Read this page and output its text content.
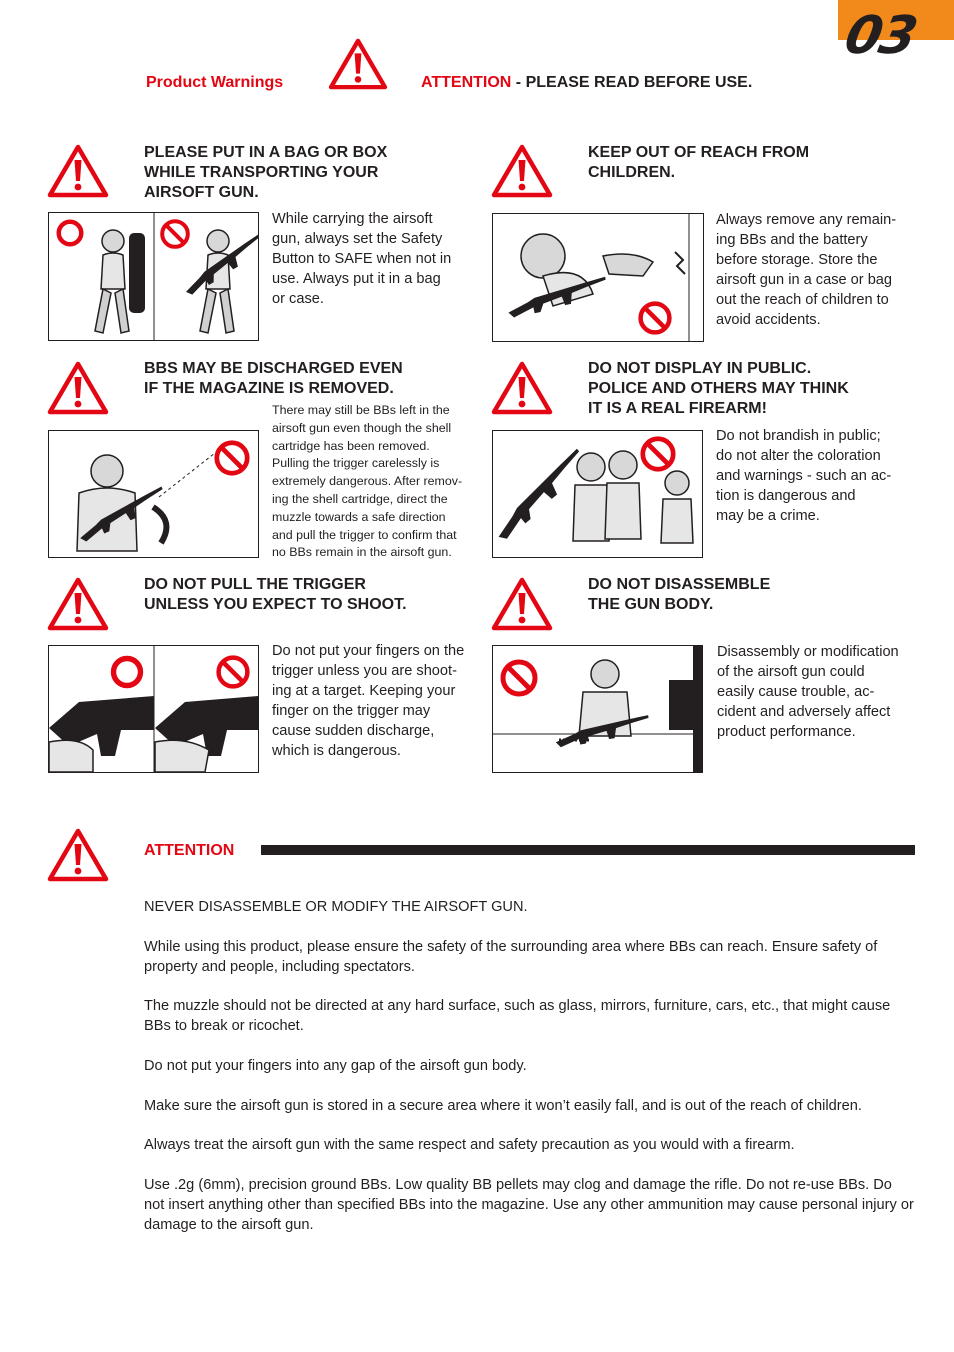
03
Product Warnings	ATTENTION - PLEASE READ BEFORE USE.
PLEASE PUT IN A BAG OR BOX
WHILE TRANSPORTING YOUR
AIRSOFT GUN.
While carrying the airsoft
gun, always set the Safety
Button to SAFE when not in
use. Always put it in a bag
or case.
KEEP OUT OF REACH FROM
CHILDREN.
Always remove any remain-
ing BBs and the battery
before storage. Store the
airsoft gun in a case or bag
out the reach of children to
avoid accidents.
BBS MAY BE DISCHARGED EVEN
IF THE MAGAZINE IS REMOVED.
There may still be BBs left in the
airsoft gun even though the shell
cartridge has been removed.
Pulling the trigger carelessly is
extremely dangerous. After remov-
ing the shell cartridge, direct the
muzzle towards a safe direction
and pull the trigger to confirm that
no BBs remain in the airsoft gun.
DO NOT DISPLAY IN PUBLIC.
POLICE AND OTHERS MAY THINK
IT IS A REAL FIREARM!
Do not brandish in public;
do not alter the coloration
and warnings - such an ac-
tion is dangerous and
may be a crime.
DO NOT PULL THE TRIGGER
UNLESS YOU EXPECT TO SHOOT.
Do not put your fingers on the
trigger unless you are shoot-
ing at a target. Keeping your
finger on the trigger may
cause sudden discharge,
which is dangerous.
DO NOT DISASSEMBLE
THE GUN BODY.
Disassembly or modification
of the airsoft gun could
easily cause trouble, ac-
cident and adversely affect
product performance.
ATTENTION
NEVER DISASSEMBLE OR MODIFY THE AIRSOFT GUN.
While using this product, please ensure the safety of the surrounding area where BBs can reach. Ensure safety of property and people, including spectators.
The muzzle should not be directed at any hard surface, such as glass, mirrors, furniture, cars, etc., that might cause BBs to break or ricochet.
Do not put your fingers into any gap of the airsoft gun body.
Make sure the airsoft gun is stored in a secure area where it won’t easily fall, and is out of the reach of children.
Always treat the airsoft gun with the same respect and safety precaution as you would with a firearm.
Use .2g (6mm), precision ground BBs. Low quality BB pellets may clog and damage the rifle. Do not re-use BBs. Do not insert anything other than specified BBs into the magazine. Use any other ammunition may cause personal injury or damage to the airsoft gun.
